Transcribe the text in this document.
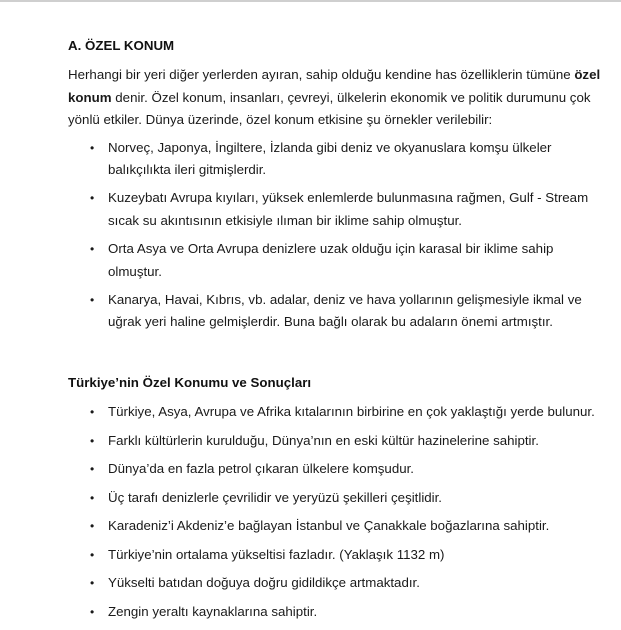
A. ÖZEL KONUM

Herhangi bir yeri diğer yerlerden ayıran, sahip olduğu kendine has özelliklerin tümüne özel konum denir. Özel konum, insanları, çevreyi, ülkelerin ekonomik ve politik durumunu çok yönlü etkiler. Dünya üzerinde, özel konum etkisine şu örnekler verilebilir:

• Norveç, Japonya, İngiltere, İzlanda gibi deniz ve okyanuslara komşu ülkeler balıkçılıkta ileri gitmişlerdir.
• Kuzeybatı Avrupa kıyıları, yüksek enlemlerde bulunmasına rağmen, Gulf - Stream sıcak su akıntısının etkisiyle ılıman bir iklime sahip olmuştur.
• Orta Asya ve Orta Avrupa denizlere uzak olduğu için karasal bir iklime sahip olmuştur.
• Kanarya, Havai, Kıbrıs, vb. adalar, deniz ve hava yollarının gelişmesiyle ikmal ve uğrak yeri haline gelmişlerdir. Buna bağlı olarak bu adaların önemi artmıştır.
Türkiye’nin Özel Konumu ve Sonuçları
• Türkiye, Asya, Avrupa ve Afrika kıtalarının birbirine en çok yaklaştığı yerde bulunur.
• Farklı kültürlerin kurulduğu, Dünya’nın en eski kültür hazinelerine sahiptir.
• Dünya’da en fazla petrol çıkaran ülkelere komşudur.
• Üç tarafı denizlerle çevrilidir ve yeryüzü şekilleri çeşitlidir.
• Karadeniz’i Akdeniz’e bağlayan İstanbul ve Çanakkale boğazlarına sahiptir.
• Türkiye’nin ortalama yükseltisi fazladır. (Yaklaşık 1132 m)
• Yükselti batıdan doğuya doğru gidildikçe artmaktadır.
• Zengin yeraltı kaynaklarına sahiptir.
